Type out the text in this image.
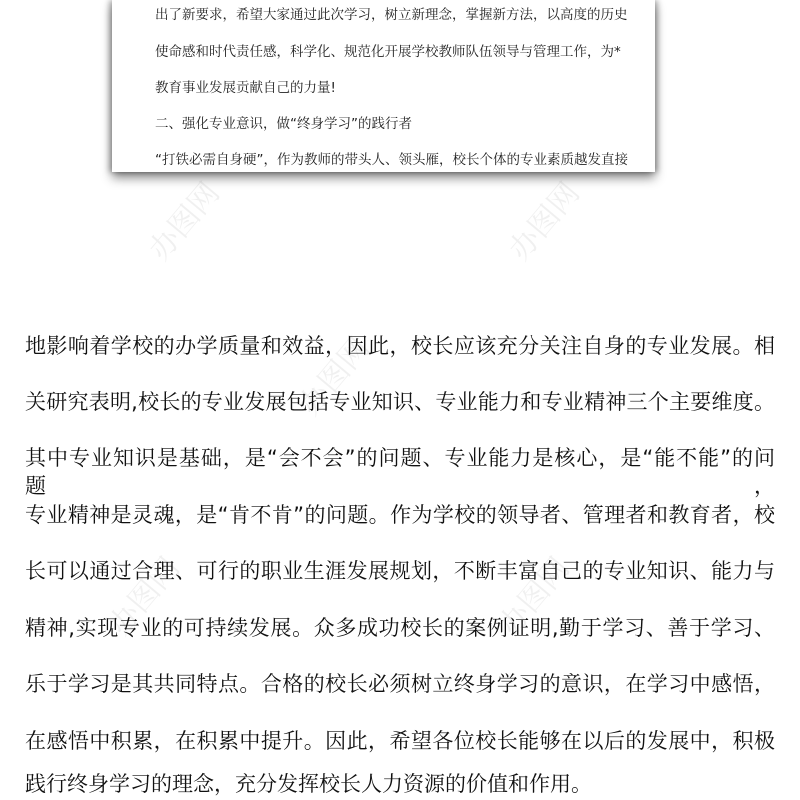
出了新要求，希望大家通过此次学习，树立新理念，掌握新方法，以高度的历史
使命感和时代责任感，科学化、规范化开展学校教师队伍领导与管理工作，为*
教育事业发展贡献自己的力量!
二、强化专业意识，做“终身学习”的践行者
“打铁必需自身硬”，作为教师的带头人、领头雁，校长个体的专业素质越发直接
办图网	办图网
办图网
办图网	办图网
地影响着学校的办学质量和效益，因此，校长应该充分关注自身的专业发展。相
关研究表明,校长的专业发展包括专业知识、专业能力和专业精神三个主要维度。
其中专业知识是基础，是“会不会”的问题、专业能力是核心，是“能不能”的问题，
专业精神是灵魂，是“肯不肯”的问题。作为学校的领导者、管理者和教育者，校
长可以通过合理、可行的职业生涯发展规划，不断丰富自己的专业知识、能力与
精神,实现专业的可持续发展。众多成功校长的案例证明,勤于学习、善于学习、
乐于学习是其共同特点。合格的校长必须树立终身学习的意识，在学习中感悟，
在感悟中积累，在积累中提升。因此，希望各位校长能够在以后的发展中，积极
践行终身学习的理念，充分发挥校长人力资源的价值和作用。
